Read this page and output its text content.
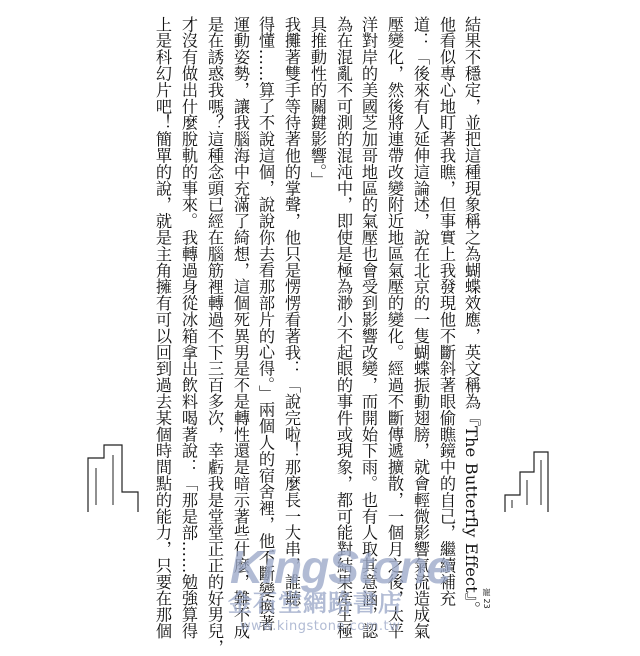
結果不穩定，並把這種現象稱之為蝴蝶效應，英文稱為『The Butterfly Effect』。
他看似專心地盯著我瞧，但事實上我發現他不斷斜著眼偷瞧鏡中的自己，繼續補充
道：「後來有人延伸這論述，說在北京的一隻蝴蝶振動翅膀，就會輕微影響氣流造成氣
壓變化，然後將連帶改變附近地區氣壓的變化。經過不斷傳遞擴散，一個月之後，太平
洋對岸的美國芝加哥地區的氣壓也會受到影響改變，而開始下雨。也有人取其意涵，認
為在混亂不可測的混沌中，即使是極為渺小不起眼的事件或現象，都可能對結果產生極
具推動性的關鍵影響。」
我攤著雙手等待著他的掌聲，他只是愣愣看著我：「說完啦！那麼長一大串，誰聽
得懂……算了不說這個，說說你去看那部片的心得。」兩個人的宿舍裡，他不斷變換著
運動姿勢，讓我腦海中充滿了綺想，這個死異男是不是轉性還是暗示著些什麼，難不成
是在誘惑我嗎？這種念頭已經在腦筋裡轉過不下三百多次，幸虧我是堂堂正正的好男兒，
才沒有做出什麼脫軌的事來。我轉過身從冰箱拿出飲料喝著說：「那是部……勉強算得
上是科幻片吧！簡單的說，就是主角擁有可以回到過去某個時間點的能力，只要在那個	寵 23
KingStone
金石堂網路書店
www.kingstone.com.tw
